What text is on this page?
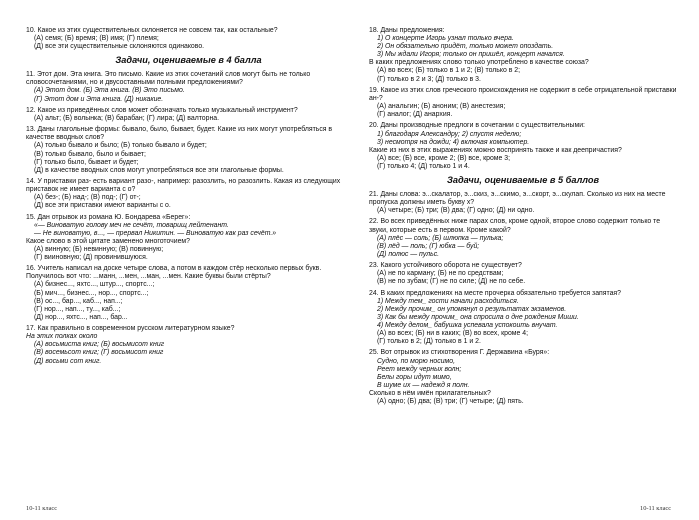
10. Какое из этих существительных склоняется не совсем так, как остальные?

(А) семя; (Б) время; (В) имя; (Г) племя;

(Д) все эти существительные склоняются одинаково.

Задачи, оцениваемые в 4 балла

11. Этот дом. Эта книга. Это письмо. Какие из этих сочетаний слов могут быть не только словосочетаниями, но и двусоставными полными предложениями?

(А) Этот дом. (Б) Эта книга. (В) Это письмо.

(Г) Этот дом и Эта книга. (Д) никакие.

12. Какое из приведённых слов может обозначать только музыкальный инструмент?

(А) альт; (Б) волынка; (В) барабан; (Г) лира; (Д) валторна.

13. Даны глагольные формы: бывало, было, бывает, будет. Какие из них могут употребляться в качестве вводных слов?

(А) только бывало и было; (Б) только бывало и будет;

(В) только бывало, было и бывает;

(Г) только было, бывает и будет;

(Д) в качестве вводных слов могут употребляться все эти глагольные формы.

14. У приставки раз- есть вариант разо-, например: разозлить, но разозлить. Какая из следующих приставок не имеет варианта с о?

(А) без-; (Б) над-; (В) под-; (Г) от-;

(Д) все эти приставки имеют варианты с о.

15. Дан отрывок из романа Ю. Бондарева «Берег»:

«— Виноватую голову меч не сечёт, товарищ лейтенант.

— Не виноватую, в..., — прервал Никитин. — Виноватую как раз сечёт.»

Какое слово в этой цитате заменено многоточием?

(А) винную; (Б) невинную; (В) повинную;

(Г) вииновную; (Д) провинившуюся.

16. Учитель написал на доске четыре слова, а потом в каждом стёр несколько первых букв. Получилось вот что: ...манн, ...мен, ...ман, ...мен. Какие буквы были стёрты?

(А) бизнес..., яхтс..., штур..., спортс...;

(Б) мич..., бизнес..., нор..., спортс...;

(В) ос..., бар..., каб..., нап...;

(Г) нор..., нап..., ту..., каб...;

(Д) нор..., яхтс..., нап..., бар...

17. Как правильно в современном русском литературном языке?

На этих полках около

(А) восьмиста книг; (Б) восьмисот книг

(В) восемьсот книг; (Г) восьмисот книг

(Д) восьми сот книг.

18. Даны предложения:

1) О концерте Игорь узнал только вчера.

2) Он обязательно придёт, только может опоздать.

3) Мы ждали Игоря; только он пришёл, концерт начался.

В каких предложениях слово только употреблено в качестве союза?

(А) во всех; (Б) только в 1 и 2; (В) только в 2;

(Г) только в 2 и 3; (Д) только в 3.

19. Какое из этих слов греческого происхождения не содержит в себе отрицательной приставки ан-?

(А) анальгин; (Б) аноним; (В) анестезия;

(Г) аналог; (Д) анархия.

20. Даны производные предлоги в сочетании с существительными:

1) благодаря Александру; 2) спустя неделю;

3) несмотря на дожди; 4) включая компьютер.

Какие из них в этих выражениях можно воспринять также и как деепричастия?

(А) все; (Б) все, кроме 2; (В) все, кроме 3;

(Г) только 4; (Д) только 1 и 4.

Задачи, оцениваемые в 5 баллов

21. Даны слова: э...скалатор, э...скиз, э...скимо, э...скорт, э...скулап. Сколько из них на месте пропуска должны иметь букву х?

(А) четыре; (Б) три; (В) два; (Г) одно; (Д) ни одно.

22. Во всех приведённых ниже парах слов, кроме одной, второе слово содержит только те звуки, которые есть в первом. Кроме какой?

(А) плёс — соль; (Б) шлюпка — пулька;

(В) лёд — поль; (Г) юбка — буй;

(Д) полюс — пульс.

23. Какого устойчивого оборота не существует?

(А) не по карману; (Б) не по средствам;

(В) не по зубам; (Г) не по силе; (Д) не по себе.

24. В каких предложениях на месте прочерка обязательно требуется запятая?

1) Между тем_ гости начали расходиться.

2) Между прочим_ он упомянул о результатах экзаменов.

3) Как бы между прочим_ она спросила о дне рождения Миши.

4) Между делом_ бабушка успевала успокоить внучат.

(А) во всех; (Б) ни в каких; (В) во всех, кроме 4;

(Г) только в 2; (Д) только в 1 и 2.

25. Вот отрывок из стихотворения Г. Державина «Буря»:

Судно, по морю носимо,

Реет между черных волн;

Белы горы идут мимо,

В шуме их — надежд я полн.

Сколько в нём имён прилагательных?

(А) одно; (Б) два; (В) три; (Г) четыре; (Д) пять.

10-11 класс	10-11 класс
